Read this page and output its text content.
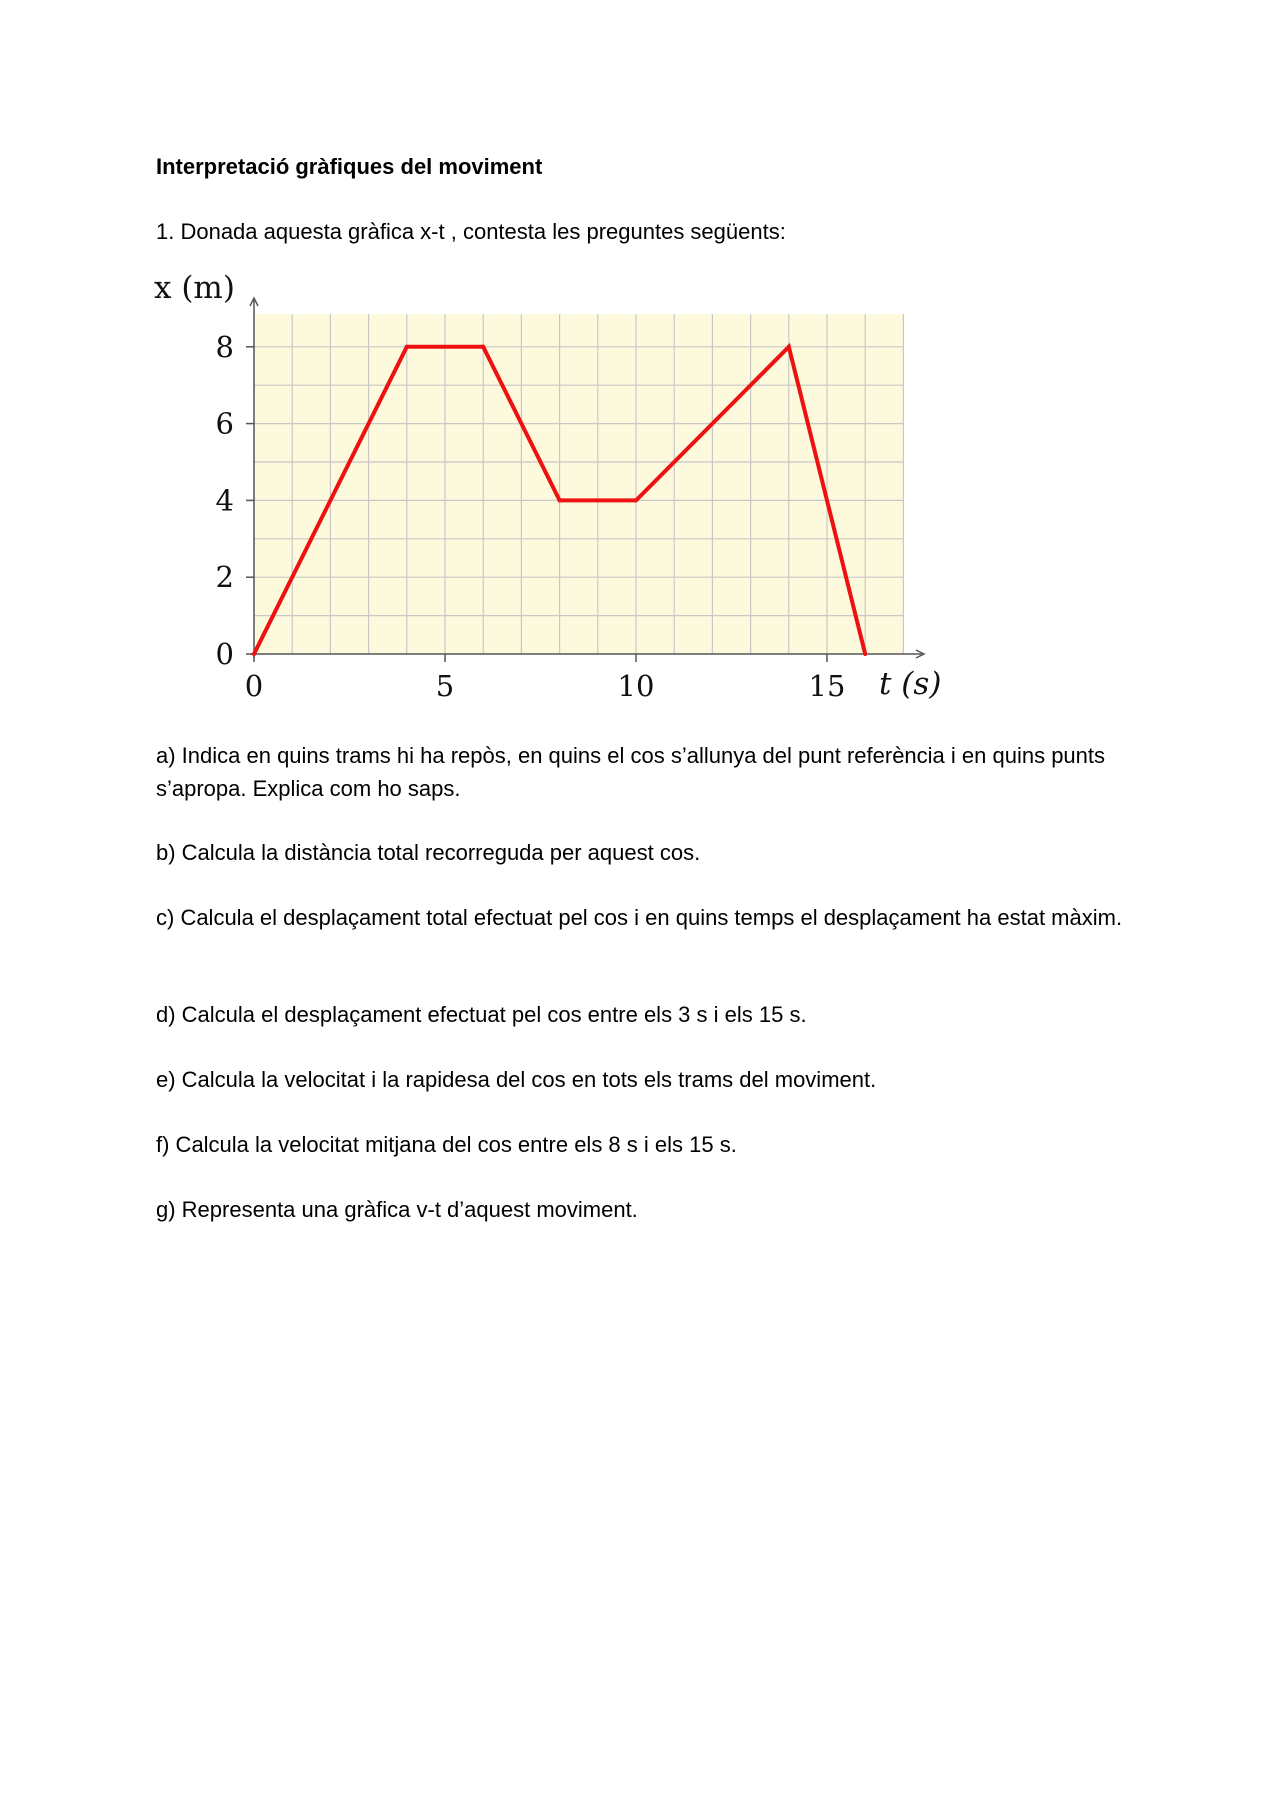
Interpretació gràfiques del moviment
1. Donada aquesta gràfica x-t , contesta les preguntes següents:
0
2
4
6
8
0	5	10	15
x (m)
t (s)
a) Indica en quins trams hi ha repòs, en quins el cos s’allunya del punt referència i en quins punts s’apropa. Explica com ho saps.
b) Calcula la distància total recorreguda per aquest cos.
c) Calcula el desplaçament total efectuat pel cos i en quins temps el desplaçament ha estat màxim.
d) Calcula el desplaçament efectuat pel cos entre els 3 s i els 15 s.
e) Calcula la velocitat i la rapidesa del cos en tots els trams del moviment.
f) Calcula la velocitat mitjana del cos entre els 8 s i els 15 s.
g) Representa una gràfica v-t d’aquest moviment.
